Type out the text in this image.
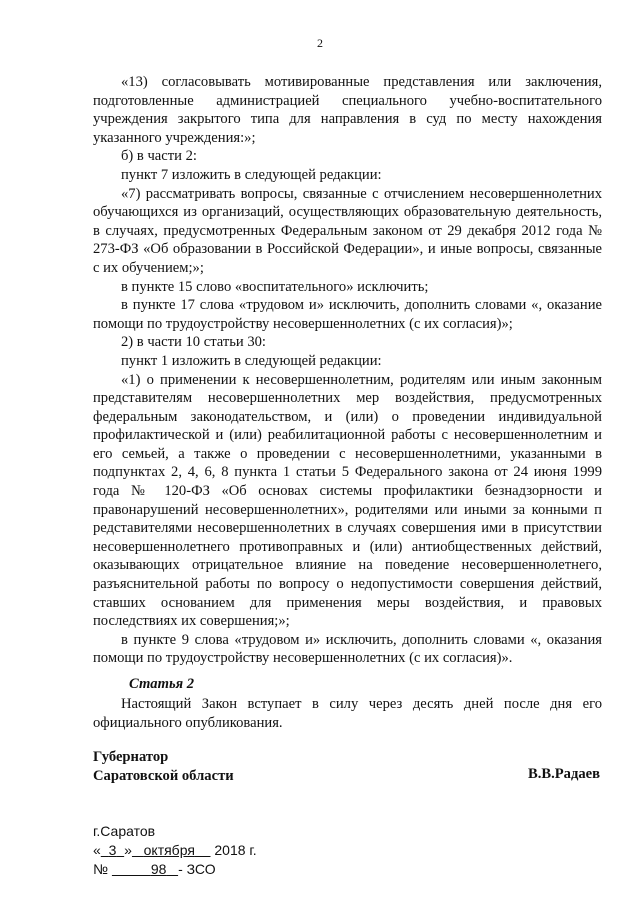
2

«13) согласовывать мотивированные представления или заключения, подготовленные администрацией специального учебно-воспитательного учреждения закрытого типа для направления в суд по месту нахождения указанного учреждения:»;

б) в части 2:

пункт 7 изложить в следующей редакции:

«7) рассматривать вопросы, связанные с отчислением несовершеннолетних обучающихся из организаций, осуществляющих образовательную деятельность, в случаях, предусмотренных Федеральным законом от 29 декабря 2012 года № 273-ФЗ «Об образовании в Российской Федерации», и иные вопросы, связанные с их обучением;»;

в пункте 15 слово «воспитательного» исключить;

в пункте 17 слова «трудовом и» исключить, дополнить словами «, оказание помощи по трудоустройству несовершеннолетних (с их согласия)»;

2) в части 10 статьи 30:

пункт 1 изложить в следующей редакции:

«1) о применении к несовершеннолетним, родителям или иным законным представителям несовершеннолетних мер воздействия, предусмотренных федеральным законодательством, и (или) о проведении индивидуальной профилактической и (или) реабилитационной работы с несовершеннолетним и его семьей, а также о проведении с несовершеннолетними, указанными в подпунктах 2, 4, 6, 8 пункта 1 статьи 5 Федерального закона от 24 июня 1999 года № 120-ФЗ «Об основах системы профилактики безнадзорности и правонарушений несовершеннолетних», родителями или иными за конными п редставителями несовершеннолетних в случаях совершения ими в присутствии несовершеннолетнего противоправных и (или) антиобщественных действий, оказывающих отрицательное влияние на поведение несовершеннолетнего, разъяснительной работы по вопросу о недопустимости совершения действий, ставших основанием для применения меры воздействия, и правовых последствиях их совершения;»;

в пункте 9 слова «трудовом и» исключить, дополнить словами «, оказания помощи по трудоустройству несовершеннолетних (с их согласия)».

Статья 2

Настоящий Закон вступает в силу через десять дней после дня его официального опубликования.

Губернатор
Саратовской области	В.В.Радаев
г.Саратов
« 3 » октября 2018 г.
№	98 - ЗСО
